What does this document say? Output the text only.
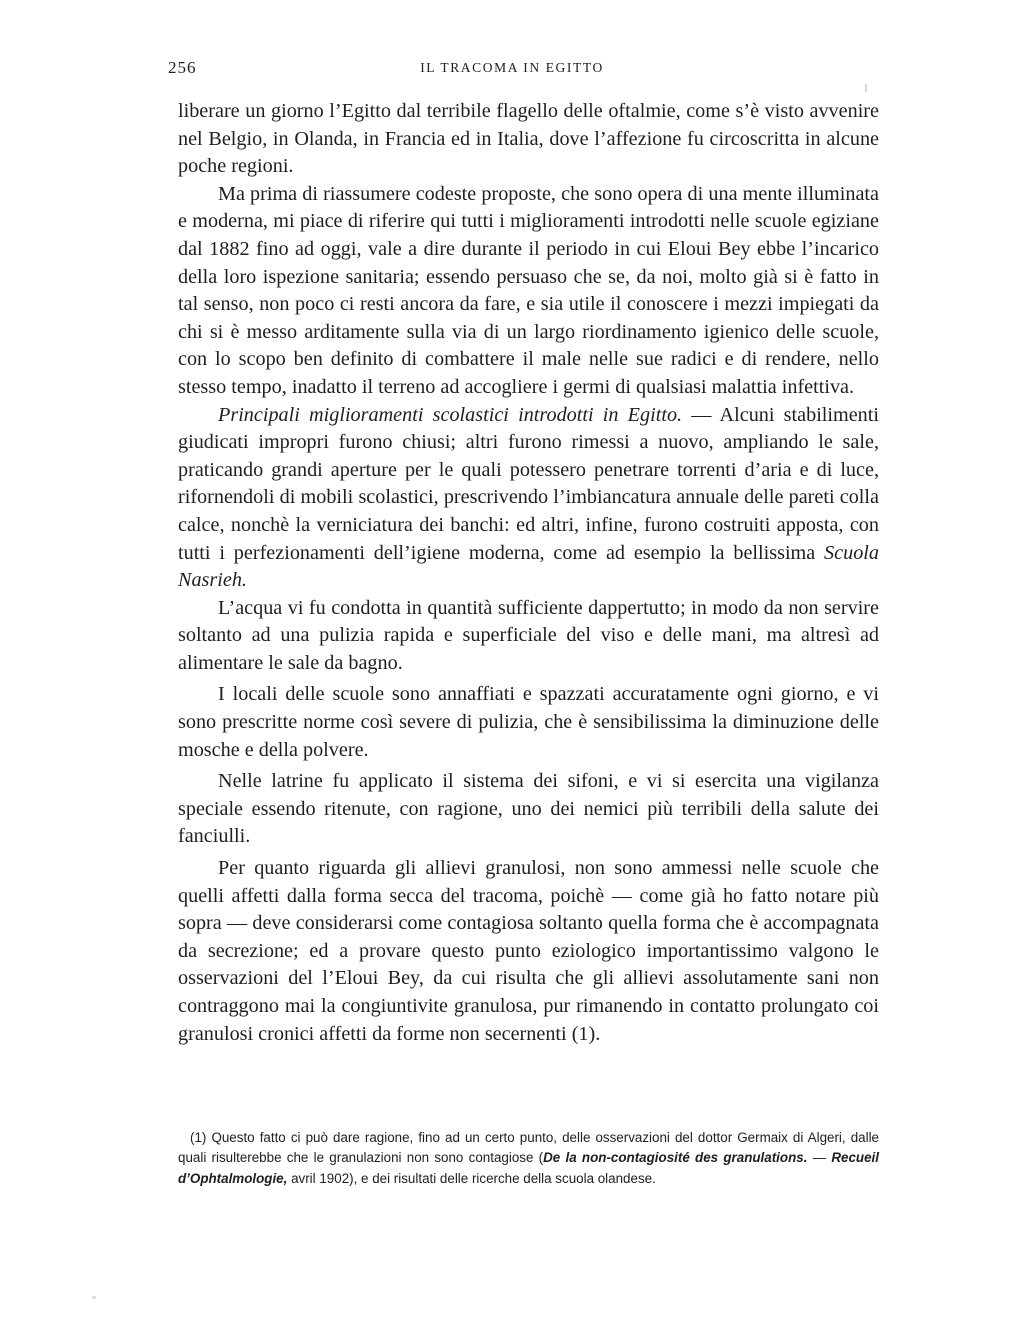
256	IL TRACOMA IN EGITTO

liberare un giorno l’Egitto dal terribile flagello delle oftalmie, come s’è visto avvenire nel Belgio, in Olanda, in Francia ed in Italia, dove l’affezione fu circoscritta in alcune poche regioni.

Ma prima di riassumere codeste proposte, che sono opera di una mente illuminata e moderna, mi piace di riferire qui tutti i miglioramenti introdotti nelle scuole egiziane dal 1882 fino ad oggi, vale a dire durante il periodo in cui Eloui Bey ebbe l’incarico della loro ispezione sanitaria; essendo persuaso che se, da noi, molto già si è fatto in tal senso, non poco ci resti ancora da fare, e sia utile il conoscere i mezzi impiegati da chi si è messo arditamente sulla via di un largo riordinamento igienico delle scuole, con lo scopo ben definito di combattere il male nelle sue radici e di rendere, nello stesso tempo, inadatto il terreno ad accogliere i germi di qualsiasi malattia infettiva.

Principali miglioramenti scolastici introdotti in Egitto. — Alcuni stabilimenti giudicati impropri furono chiusi; altri furono rimessi a nuovo, ampliando le sale, praticando grandi aperture per le quali potessero penetrare torrenti d’aria e di luce, rifornendoli di mobili scolastici, prescrivendo l’imbiancatura annuale delle pareti colla calce, nonchè la verniciatura dei banchi: ed altri, infine, furono costruiti apposta, con tutti i perfezionamenti dell’igiene moderna, come ad esempio la bellissima Scuola Nasrieh.

L’acqua vi fu condotta in quantità sufficiente dappertutto; in modo da non servire soltanto ad una pulizia rapida e superficiale del viso e delle mani, ma altresì ad alimentare le sale da bagno.

I locali delle scuole sono annaffiati e spazzati accuratamente ogni giorno, e vi sono prescritte norme così severe di pulizia, che è sensibilissima la diminuzione delle mosche e della polvere.

Nelle latrine fu applicato il sistema dei sifoni, e vi si esercita una vigilanza speciale essendo ritenute, con ragione, uno dei nemici più terribili della salute dei fanciulli.

Per quanto riguarda gli allievi granulosi, non sono ammessi nelle scuole che quelli affetti dalla forma secca del tracoma, poichè — come già ho fatto notare più sopra — deve considerarsi come contagiosa soltanto quella forma che è accompagnata da secrezione; ed a provare questo punto eziologico importantissimo valgono le osservazioni del l’Eloui Bey, da cui risulta che gli allievi assolutamente sani non contraggono mai la congiuntivite granulosa, pur rimanendo in contatto prolungato coi granulosi cronici affetti da forme non secernenti (1).

(1) Questo fatto ci può dare ragione, fino ad un certo punto, delle osservazioni del dottor Germaix di Algeri, dalle quali risulterebbe che le granulazioni non sono contagiose (De la non-contagiosité des granulations. — Recueil d’Ophtalmologie, avril 1902), e dei risultati delle ricerche della scuola olandese.
